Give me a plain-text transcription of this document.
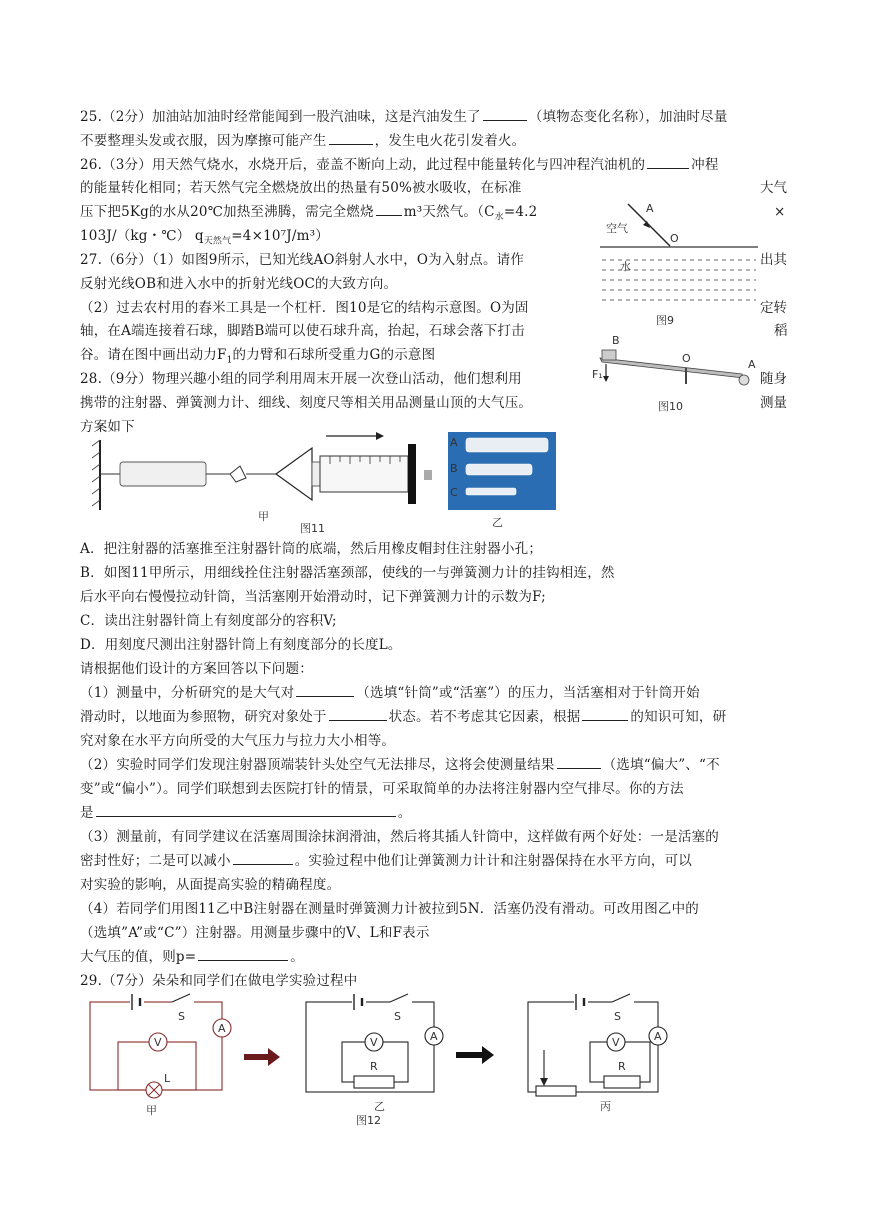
25.（2分）加油站加油时经常能闻到一股汽油味，这是汽油发生了	（填物态变化名称），加油时尽量
不要整理头发或衣服，因为摩擦可能产生	，发生电火花引发着火。
26.（3分）用天然气烧水，水烧开后，壶盖不断向上动，此过程中能量转化与四冲程汽油机的	冲程
的能量转化相同；若天然气完全燃烧放出的热量有50%被水吸收，在标准	大气
压下把5Kg的水从20℃加热至沸腾，需完全燃烧 m³天然气。（$C_水=4.2$	×
103J/（kg・℃） $q_{天然气}=4\times 10^7J/m^3$）
27.（6分）（1）如图9所示，已知光线AO斜射人水中，O为入射点。请作	出其
反射光线OB和进入水中的折射光线OC的大致方向。
（2）过去农村用的舂米工具是一个杠杆．图10是它的结构示意图。O为固	定转
轴，在A端连接着石球，脚踏B端可以使石球升高，抬起，石球会落下打击	稻
谷。请在图中画出动力$F_1$的力臂和石球所受重力G的示意图
28.（9分）物理兴趣小组的同学利用周末开展一次登山活动，他们想利用	随身
携带的注射器、弹簧测力计、细线、刻度尺等相关用品测量山顶的大气压。	测量
方案如下
A
O
空气
水
图9
B
O	A
F₁
图10
A
B
C
甲
图11	乙
A．把注射器的活塞推至注射器针筒的底端，然后用橡皮帽封住注射器小孔；
B．如图11甲所示，用细线拴住注射器活塞颈部，使线的一与弹簧测力计的挂钩相连，然
后水平向右慢慢拉动针筒，当活塞刚开始滑动时，记下弹簧测力计的示数为F;
C．读出注射器针筒上有刻度部分的容积V;
D．用刻度尺测出注射器针筒上有刻度部分的长度L。
请根据他们设计的方案回答以下问题：
（1）测量中，分析研究的是大气对	（选填“针筒”或“活塞”）的压力，当活塞相对于针筒开始
滑动时，以地面为参照物，研究对象处于	状态。若不考虑其它因素，根据	的知识可知，研
究对象在水平方向所受的大气压力与拉力大小相等。
（2）实验时同学们发现注射器顶端装针头处空气无法排尽，这将会使测量结果	（选填“偏大”、“不
变”或“偏小”）。同学们联想到去医院打针的情景，可采取简单的办法将注射器内空气排尽。你的方法
是	。
（3）测量前，有同学建议在活塞周围涂抹润滑油，然后将其插人针筒中，这样做有两个好处：一是活塞的
密封性好；二是可以减小	。实验过程中他们让弹簧测力计计和注射器保持在水平方向，可以
对实验的影响，从面提高实验的精确程度。
（4）若同学们用图11乙中B注射器在测量时弹簧测力计被拉到5N．活塞仍没有滑动。可改用图乙中的
（选填”A”或“C”）注射器。用测量步骤中的V、L和F表示
大气压的值，则p=	。
29.（7分）朵朵和同学们在做电学实验过程中
S
A
V
L
甲
S
A
V
R
乙
图12
S
A
V
R
丙
